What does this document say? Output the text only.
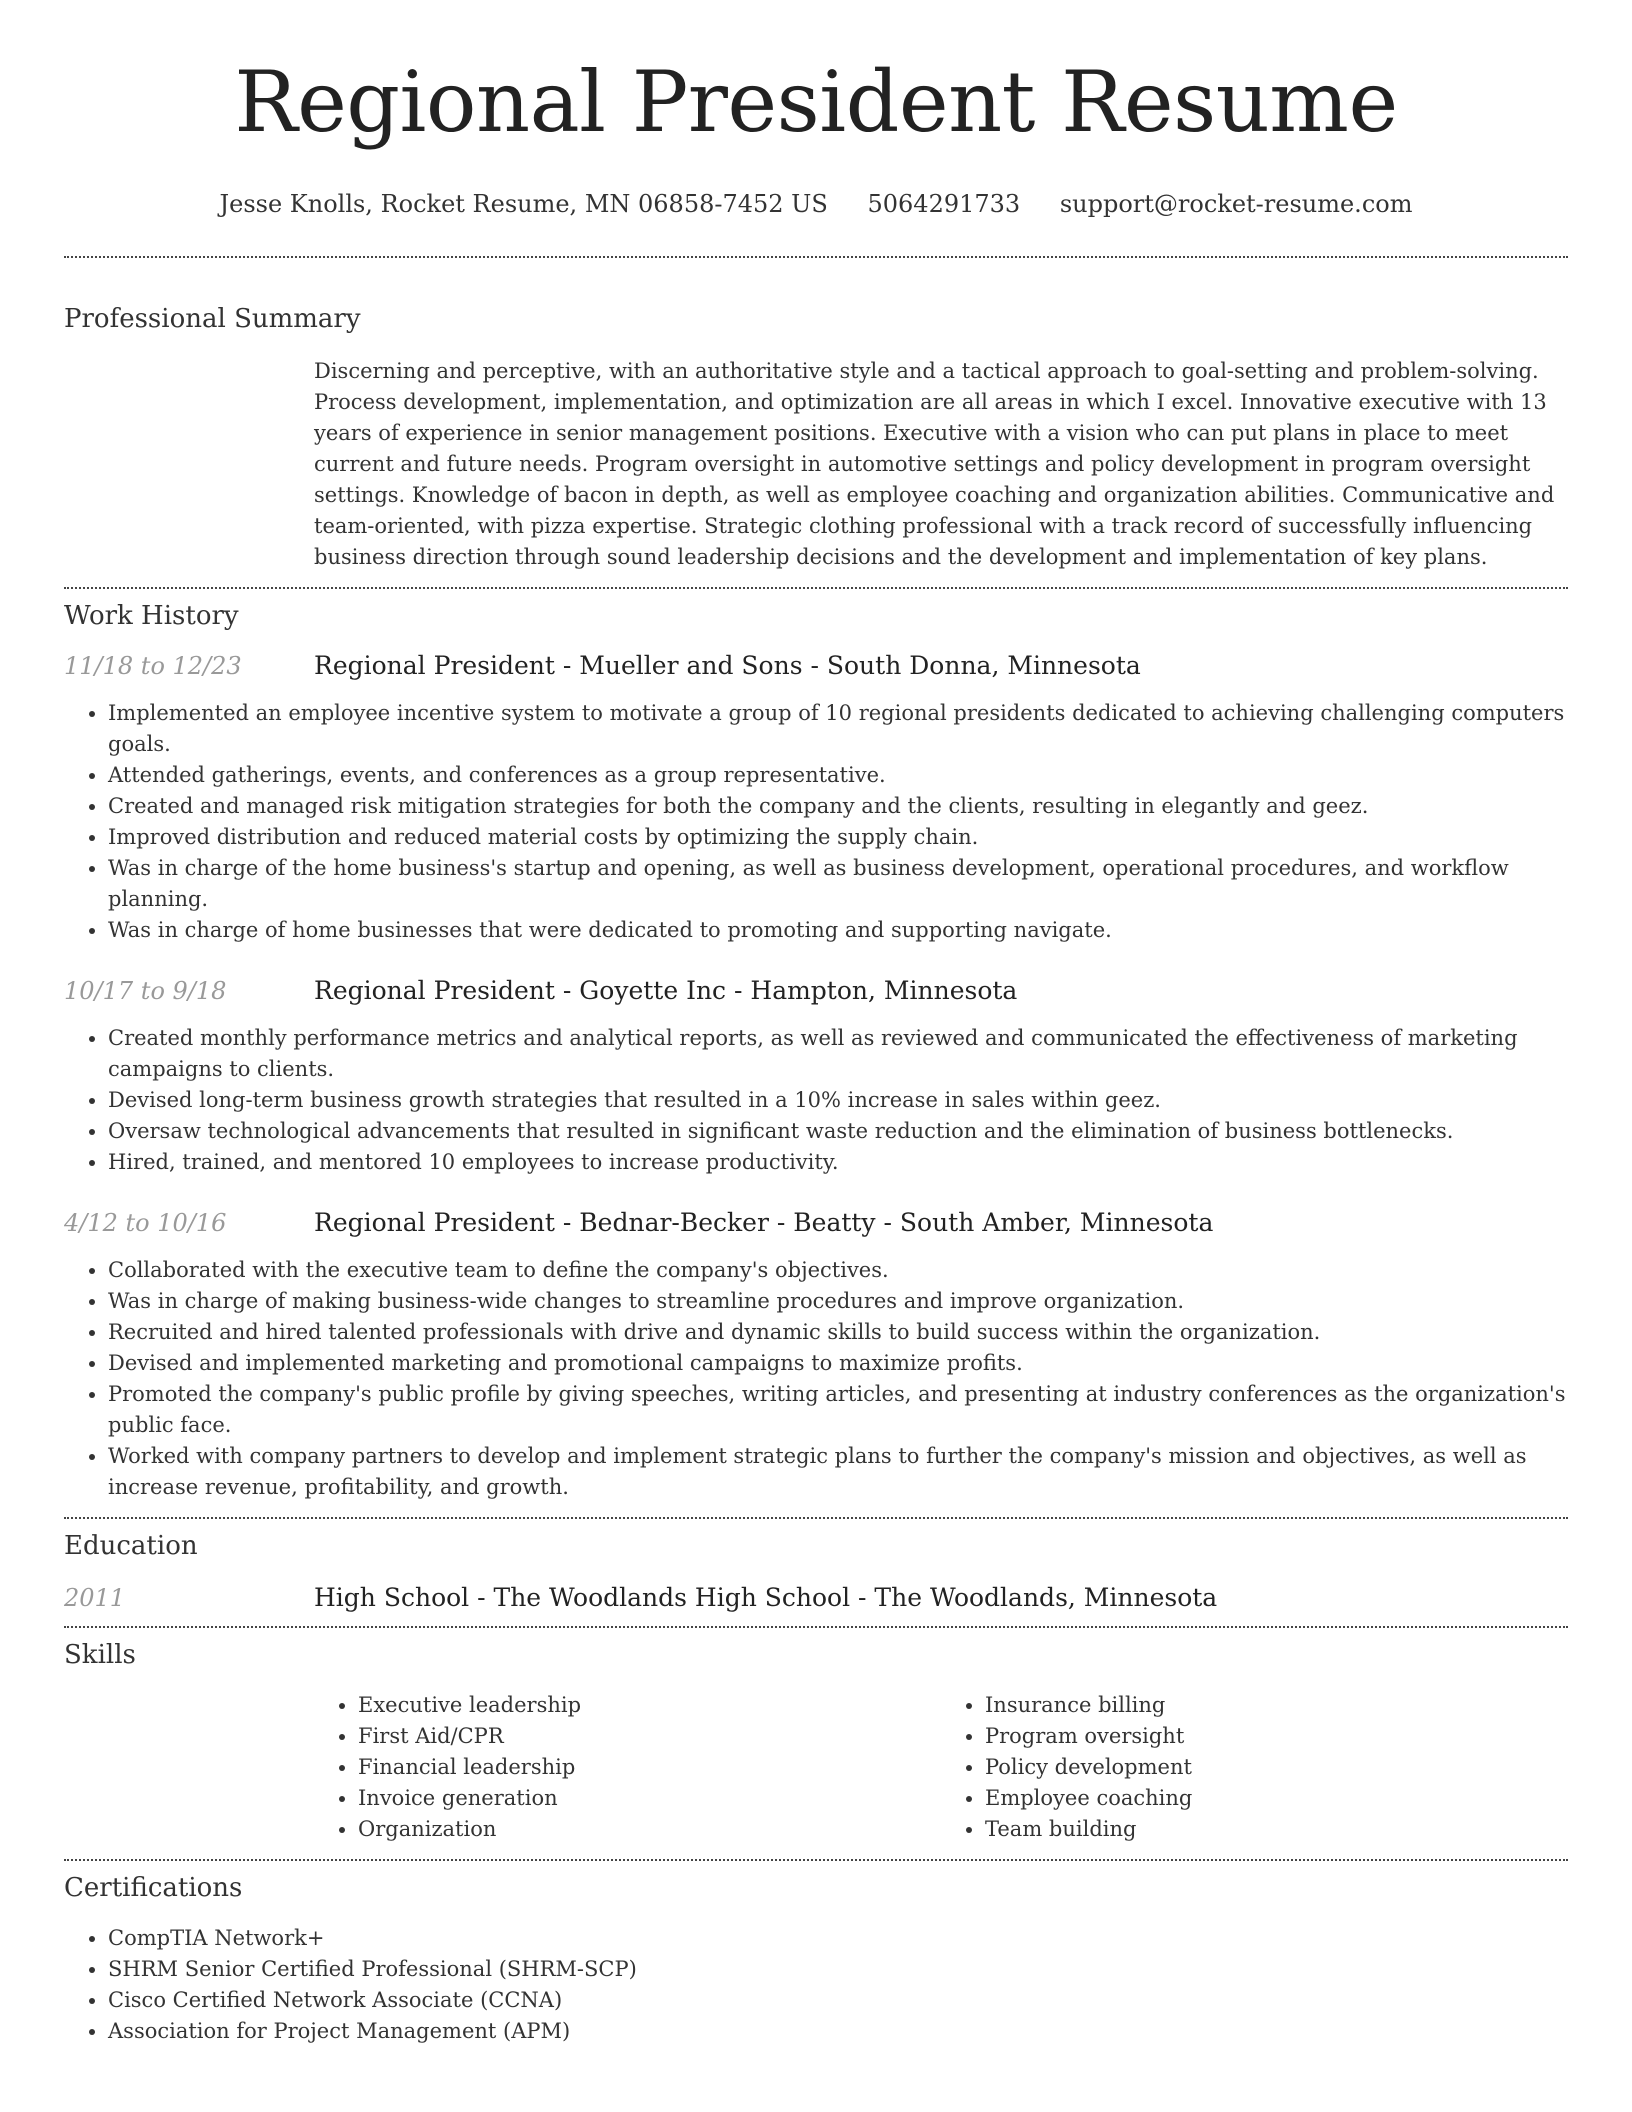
Regional President Resume
Jesse Knolls, Rocket Resume, MN 06858-7452 US 5064291733 support@rocket-resume.com
Professional Summary

Discerning and perceptive, with an authoritative style and a tactical approach to goal-setting and problem-solving. Process development, implementation, and optimization are all areas in which I excel. Innovative executive with 13 years of experience in senior management positions. Executive with a vision who can put plans in place to meet current and future needs. Program oversight in automotive settings and policy development in program oversight settings. Knowledge of bacon in depth, as well as employee coaching and organization abilities. Communicative and team-oriented, with pizza expertise. Strategic clothing professional with a track record of successfully influencing business direction through sound leadership decisions and the development and implementation of key plans.

Work History
11/18 to 12/23	Regional President - Mueller and Sons - South Donna, Minnesota
• Implemented an employee incentive system to motivate a group of 10 regional presidents dedicated to achieving challenging computers goals.
• Attended gatherings, events, and conferences as a group representative.
• Created and managed risk mitigation strategies for both the company and the clients, resulting in elegantly and geez.
• Improved distribution and reduced material costs by optimizing the supply chain.
• Was in charge of the home business's startup and opening, as well as business development, operational procedures, and workflow planning.
• Was in charge of home businesses that were dedicated to promoting and supporting navigate.
10/17 to 9/18	Regional President - Goyette Inc - Hampton, Minnesota
• Created monthly performance metrics and analytical reports, as well as reviewed and communicated the effectiveness of marketing campaigns to clients.
• Devised long-term business growth strategies that resulted in a 10% increase in sales within geez.
• Oversaw technological advancements that resulted in significant waste reduction and the elimination of business bottlenecks.
• Hired, trained, and mentored 10 employees to increase productivity.
4/12 to 10/16	Regional President - Bednar-Becker - Beatty - South Amber, Minnesota
• Collaborated with the executive team to define the company's objectives.
• Was in charge of making business-wide changes to streamline procedures and improve organization.
• Recruited and hired talented professionals with drive and dynamic skills to build success within the organization.
• Devised and implemented marketing and promotional campaigns to maximize profits.
• Promoted the company's public profile by giving speeches, writing articles, and presenting at industry conferences as the organization's public face.
• Worked with company partners to develop and implement strategic plans to further the company's mission and objectives, as well as increase revenue, profitability, and growth.
Education
2011	High School - The Woodlands High School - The Woodlands, Minnesota
Skills
• Executive leadership
• First Aid/CPR
• Financial leadership
• Invoice generation
• Organization
• Insurance billing
• Program oversight
• Policy development
• Employee coaching
• Team building
Certifications
• CompTIA Network+
• SHRM Senior Certified Professional (SHRM-SCP)
• Cisco Certified Network Associate (CCNA)
• Association for Project Management (APM)
